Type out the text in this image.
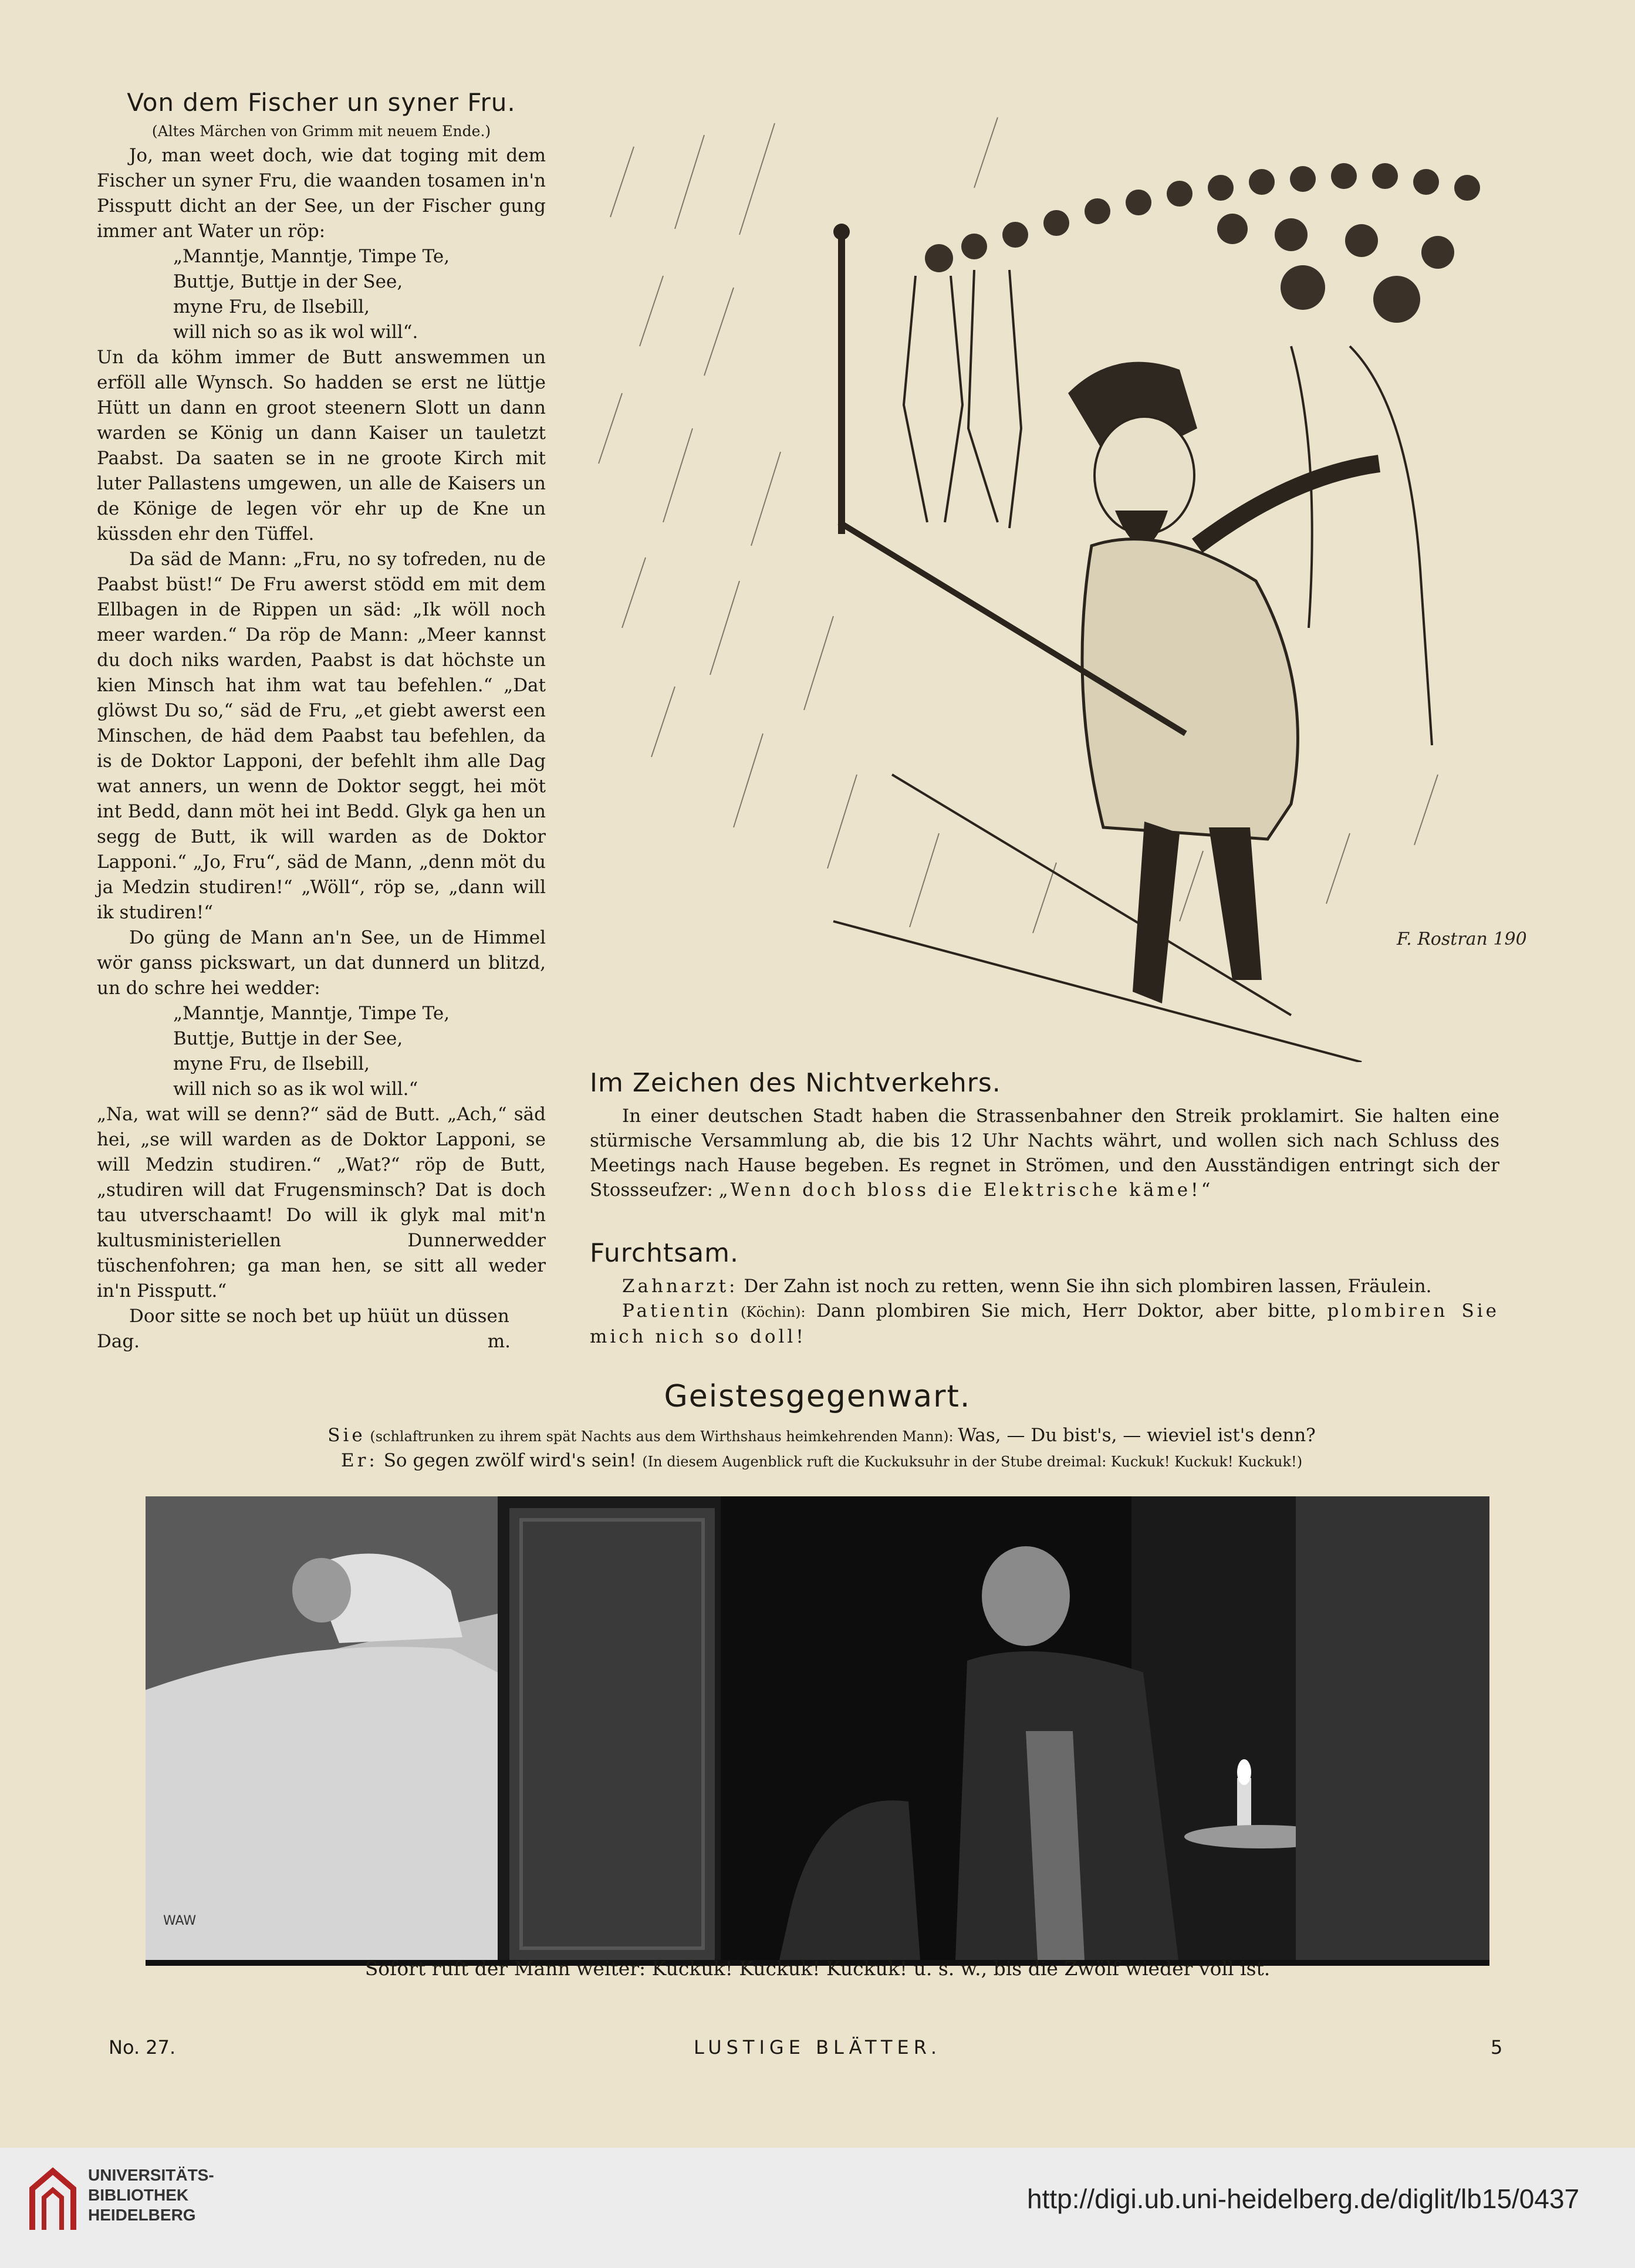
Von dem Fischer un syner Fru.
(Altes Märchen von Grimm mit neuem Ende.)

Jo, man weet doch, wie dat toging mit dem Fischer un syner Fru, die waanden tosamen in'n Pissputt dicht an der See, un der Fischer gung immer ant Water un röp:

„Manntje, Manntje, Timpe Te,
Buttje, Buttje in der See,
myne Fru, de Ilsebill,
will nich so as ik wol will“.

Un da köhm immer de Butt answemmen un erföll alle Wynsch. So hadden se erst ne lüttje Hütt un dann en groot steenern Slott un dann warden se König un dann Kaiser un tauletzt Paabst. Da saaten se in ne groote Kirch mit luter Pallastens umgewen, un alle de Kaisers un de Könige de legen vör ehr up de Kne un küssden ehr den Tüffel.

Da säd de Mann: „Fru, no sy tofreden, nu de Paabst büst!“ De Fru awerst stödd em mit dem Ellbagen in de Rippen un säd: „Ik wöll noch meer warden.“ Da röp de Mann: „Meer kannst du doch niks warden, Paabst is dat höchste un kien Minsch hat ihm wat tau befehlen.“ „Dat glöwst Du so,“ säd de Fru, „et giebt awerst een Minschen, de häd dem Paabst tau befehlen, da is de Doktor Lapponi, der befehlt ihm alle Dag wat anners, un wenn de Doktor seggt, hei möt int Bedd, dann möt hei int Bedd. Glyk ga hen un segg de Butt, ik will warden as de Doktor Lapponi.“ „Jo, Fru“, säd de Mann, „denn möt du ja Medzin studiren!“ „Wöll“, röp se, „dann will ik studiren!“

Do güng de Mann an'n See, un de Himmel wör ganss pickswart, un dat dunnerd un blitzd, un do schre hei wedder:

„Manntje, Manntje, Timpe Te,
Buttje, Buttje in der See,
myne Fru, de Ilsebill,
will nich so as ik wol will.“

„Na, wat will se denn?“ säd de Butt. „Ach,“ säd hei, „se will warden as de Doktor Lapponi, se will Medzin studiren.“ „Wat?“ röp de Butt, „studiren will dat Frugensminsch? Dat is doch tau utverschaamt! Do will ik glyk mal mit'n kultusministeriellen Dunnerwedder tüschenfohren; ga man hen, se sitt all weder in'n Pissputt.“

Door sitte se noch bet up hüüt un düssen

Dag.	m.
F. Rostran 1900
Im Zeichen des Nichtverkehrs.

In einer deutschen Stadt haben die Strassenbahner den Streik proklamirt. Sie halten eine stürmische Versammlung ab, die bis 12 Uhr Nachts währt, und wollen sich nach Schluss des Meetings nach Hause begeben. Es regnet in Strömen, und den Ausständigen entringt sich der Stossseufzer: „Wenn doch bloss die Elektrische käme!“

Furchtsam.

Zahnarzt: Der Zahn ist noch zu retten, wenn Sie ihn sich plombiren lassen, Fräulein.

Patientin (Köchin): Dann plombiren Sie mich, Herr Doktor, aber bitte, plombiren Sie mich nich so doll!

Geistesgegenwart.
Sie (schlaftrunken zu ihrem spät Nachts aus dem Wirthshaus heimkehrenden Mann): Was, — Du bist's, — wieviel ist's denn?
Er: So gegen zwölf wird's sein! (In diesem Augenblick ruft die Kuckuksuhr in der Stube dreimal: Kuckuk! Kuckuk! Kuckuk!)
WAW
Sofort ruft der Mann weiter: Kuckuk! Kuckuk! Kuckuk! u. s. w., bis die Zwölf wieder voll ist.
No. 27.	LUSTIGE BLÄTTER.	5
UNIVERSITÄTS-
BIBLIOTHEK
HEIDELBERG
http://digi.ub.uni-heidelberg.de/diglit/lb15/0437
